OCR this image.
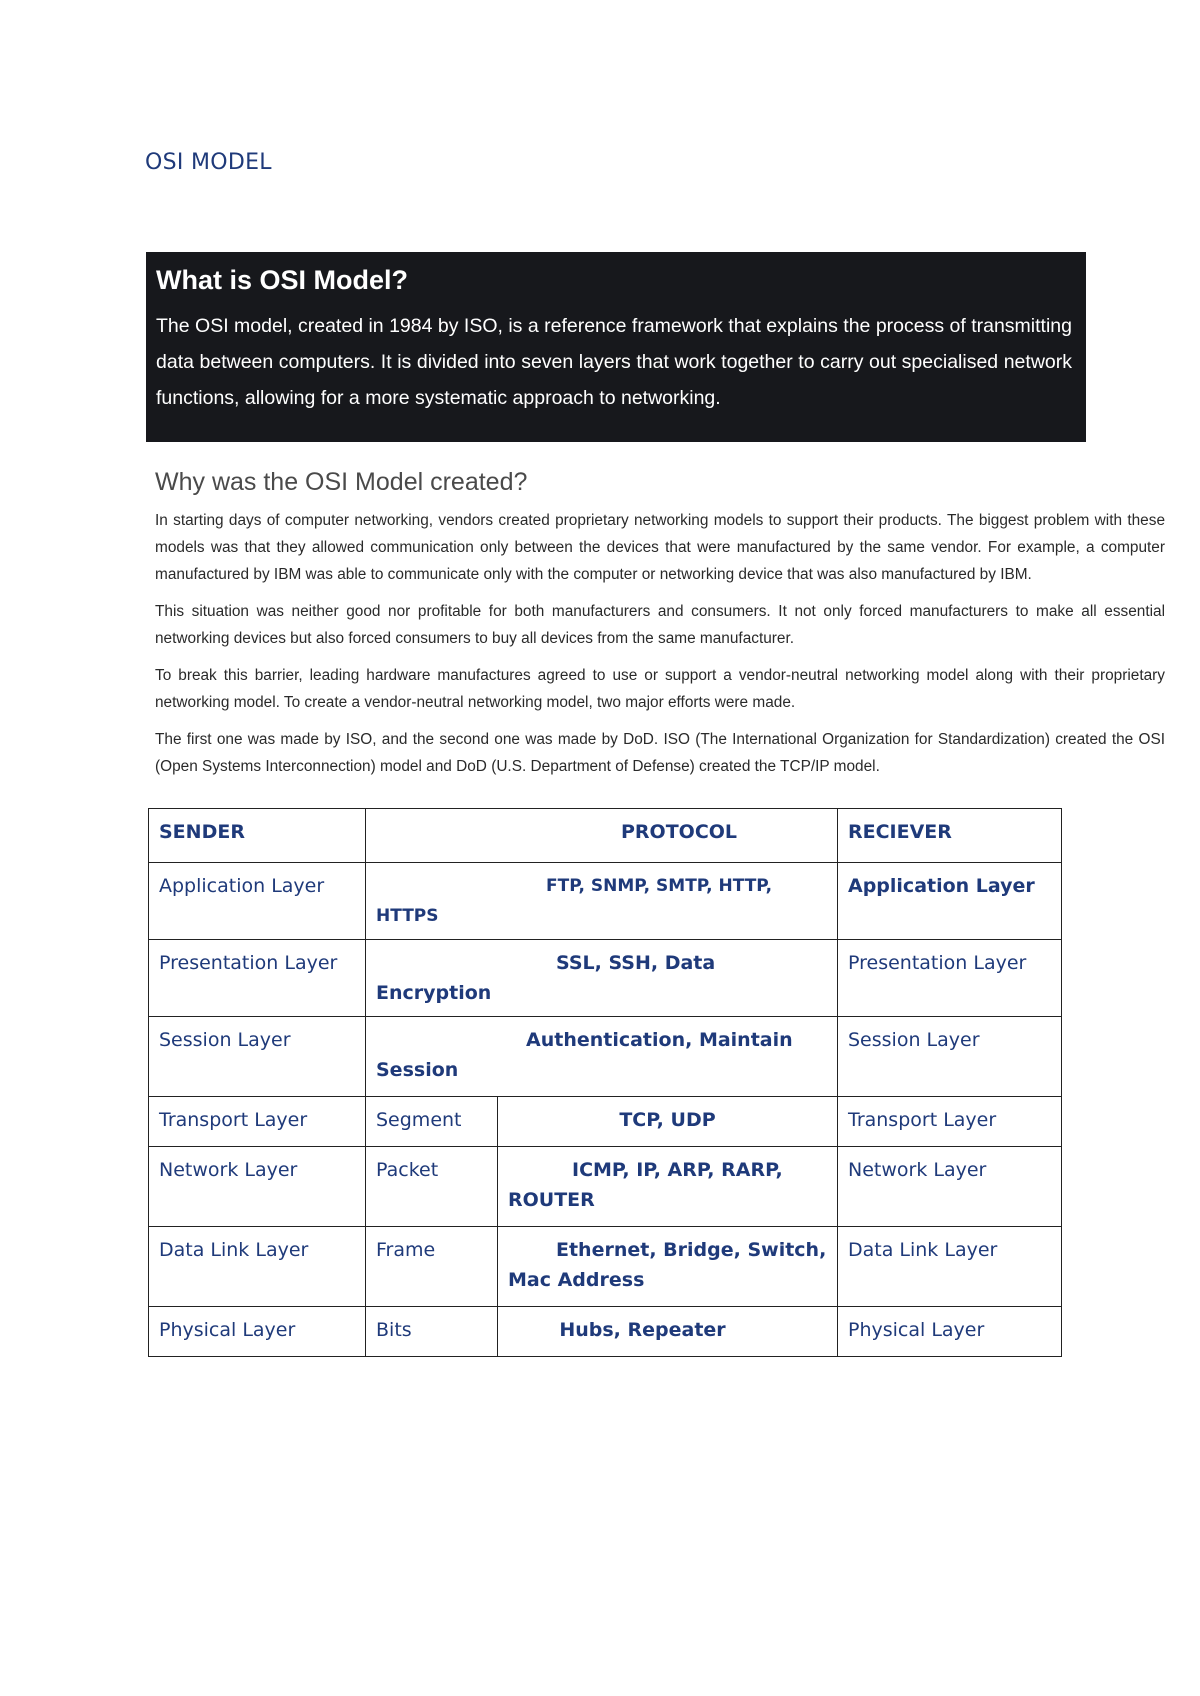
OSI MODEL
What is OSI Model?

The OSI model, created in 1984 by ISO, is a reference framework that explains the process of transmitting data between computers. It is divided into seven layers that work together to carry out specialised network functions, allowing for a more systematic approach to networking.

Why was the OSI Model created?

In starting days of computer networking, vendors created proprietary networking models to support their products. The biggest problem with these models was that they allowed communication only between the devices that were manufactured by the same vendor. For example, a computer manufactured by IBM was able to communicate only with the computer or networking device that was also manufactured by IBM.

This situation was neither good nor profitable for both manufacturers and consumers. It not only forced manufacturers to make all essential networking devices but also forced consumers to buy all devices from the same manufacturer.

To break this barrier, leading hardware manufactures agreed to use or support a vendor-neutral networking model along with their proprietary networking model. To create a vendor-neutral networking model, two major efforts were made.

The first one was made by ISO, and the second one was made by DoD. ISO (The International Organization for Standardization) created the OSI (Open Systems Interconnection) model and DoD (U.S. Department of Defense) created the TCP/IP model.

SENDER	PROTOCOL		RECIEVER
Application Layer	FTP, SNMP, SMTP, HTTP, HTTPS		Application Layer
Presentation Layer	SSL, SSH, Data Encryption		Presentation Layer
Session Layer	Authentication, Maintain Session		Session Layer
Transport Layer	Segment	TCP, UDP	Transport Layer
Network Layer	Packet	ICMP, IP, ARP, RARP, ROUTER	Network Layer
Data Link Layer	Frame	Ethernet, Bridge, Switch, Mac Address	Data Link Layer
Physical Layer	Bits	Hubs, Repeater	Physical Layer
